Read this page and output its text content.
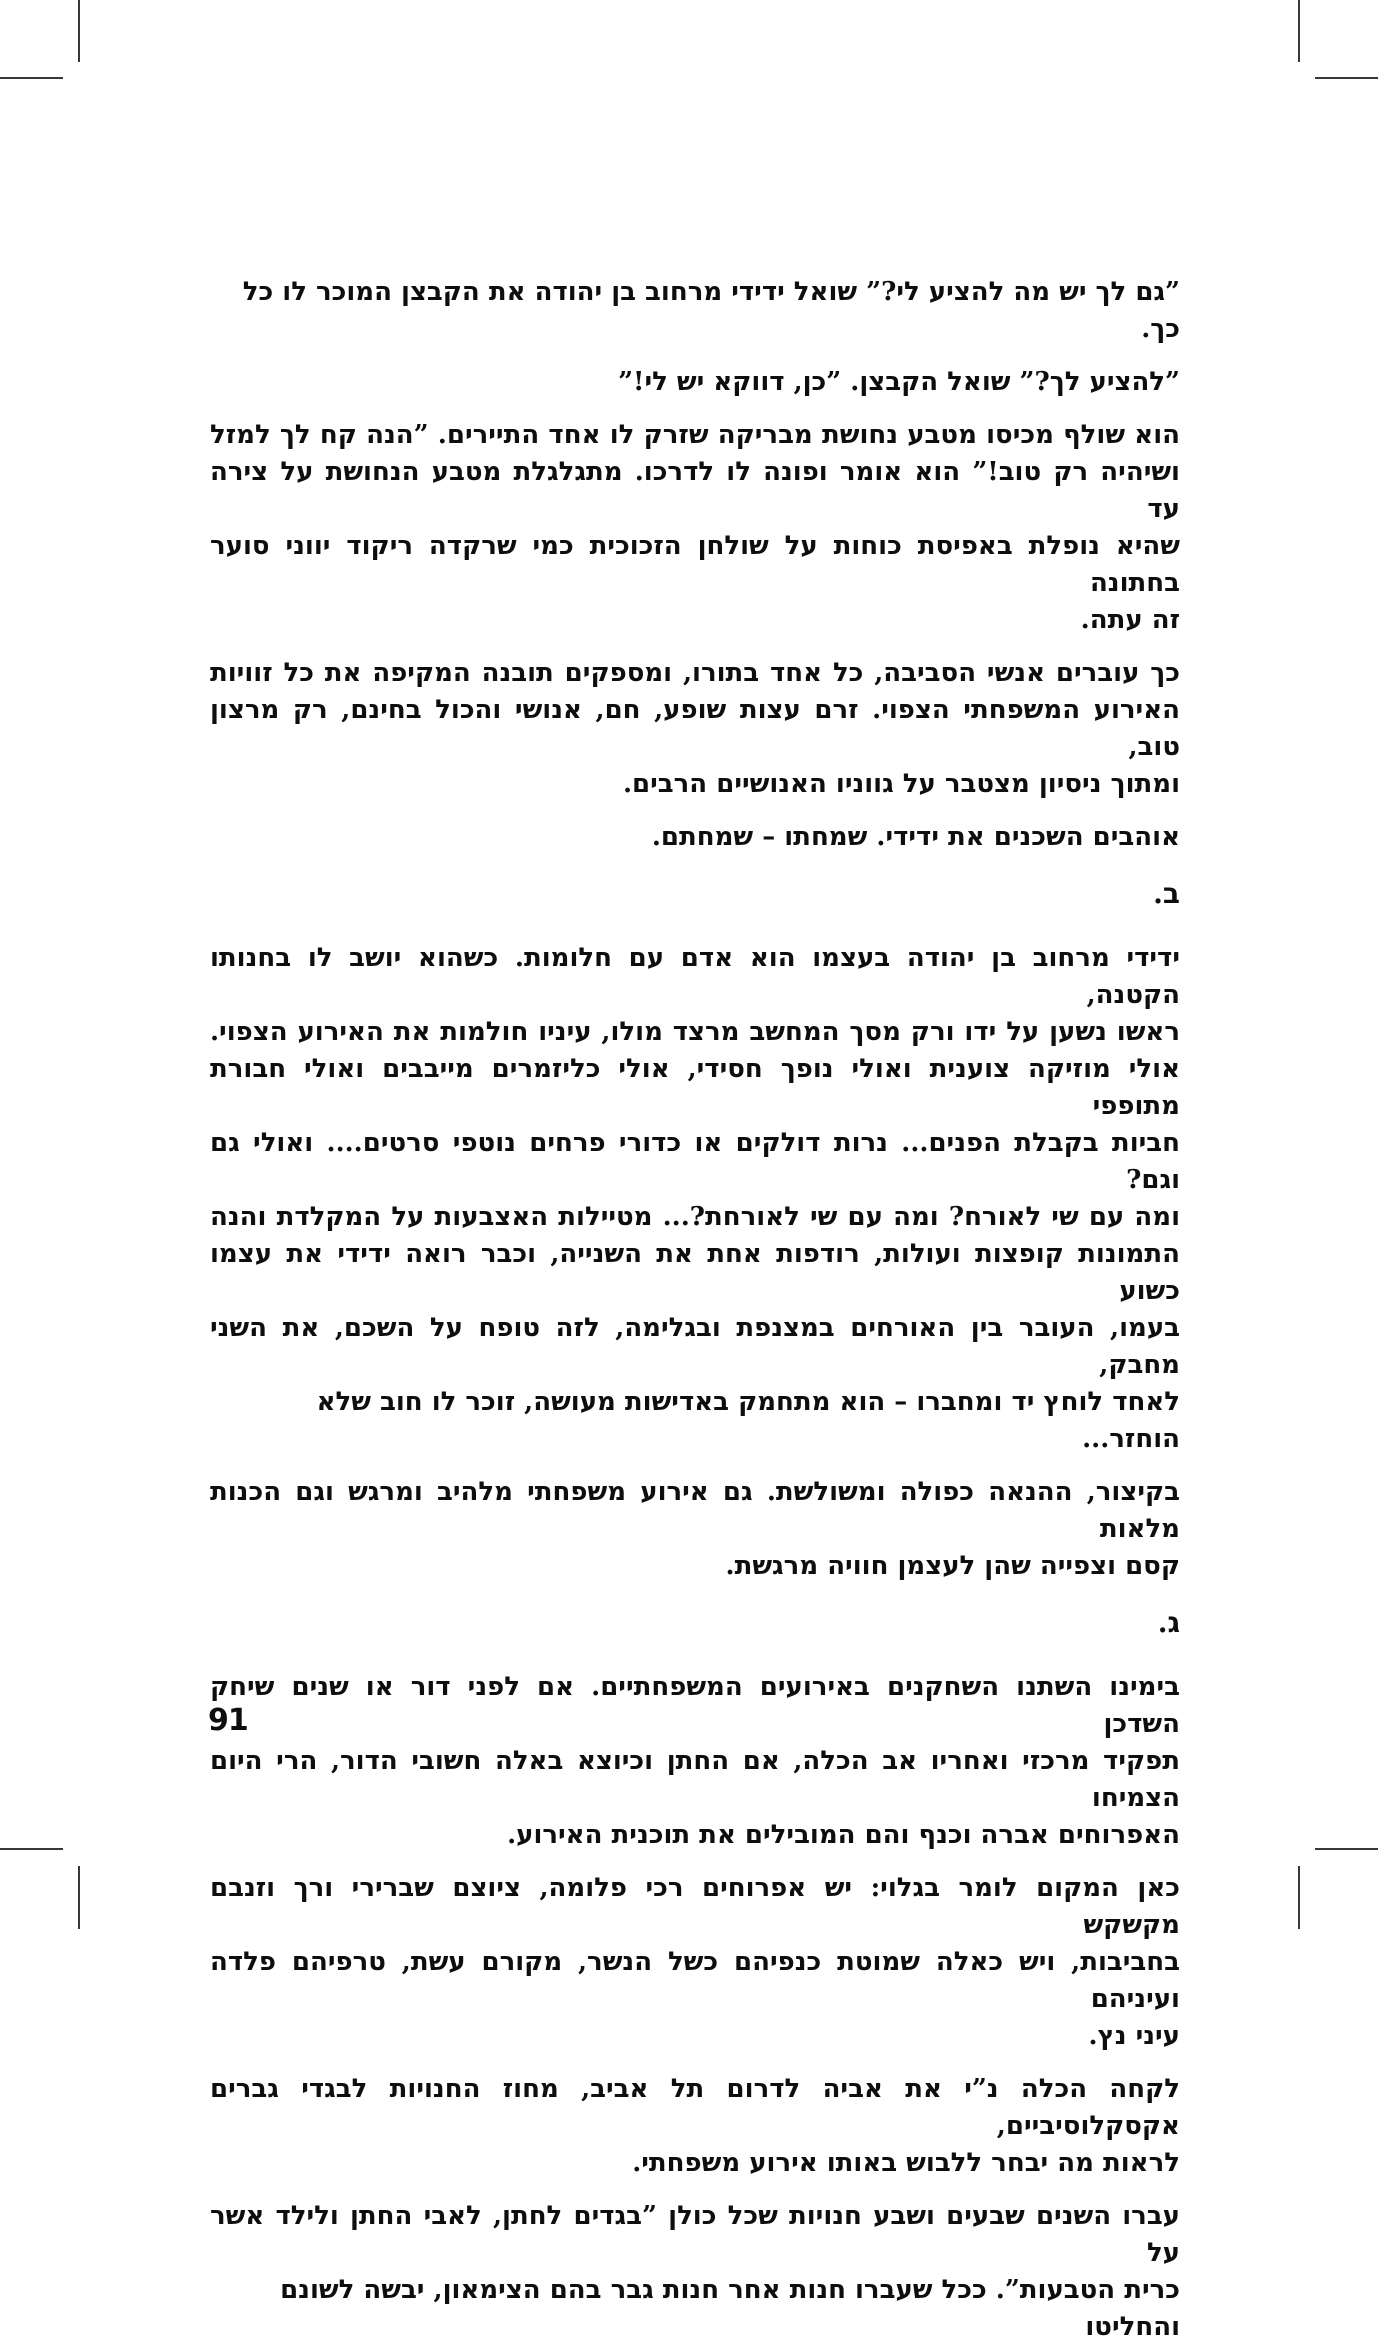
”גם לך יש מה להציע לי?” שואל ידידי מרחוב בן יהודה את הקבצן המוכר לו כל כך.
”להציע לך?” שואל הקבצן. ”כן, דווקא יש לי!”
הוא שולף מכיסו מטבע נחושת מבריקה שזרק לו אחד התיירים. ”הנה קח לך למזל
ושיהיה רק טוב!” הוא אומר ופונה לו לדרכו. מתגלגלת מטבע הנחושת על צירה עד
שהיא נופלת באפיסת כוחות על שולחן הזכוכית כמי שרקדה ריקוד יווני סוער בחתונה
זה עתה.
כך עוברים אנשי הסביבה, כל אחד בתורו, ומספקים תובנה המקיפה את כל זוויות
האירוע המשפחתי הצפוי. זרם עצות שופע, חם, אנושי והכול בחינם, רק מרצון טוב,
ומתוך ניסיון מצטבר על גווניו האנושיים הרבים.
אוהבים השכנים את ידידי. שמחתו – שמחתם.
ב.
ידידי מרחוב בן יהודה בעצמו הוא אדם עם חלומות. כשהוא יושב לו בחנותו הקטנה,
ראשו נשען על ידו ורק מסך המחשב מרצד מולו, עיניו חולמות את האירוע הצפוי.
אולי מוזיקה צוענית ואולי נופך חסידי, אולי כליזמרים מייבבים ואולי חבורת מתופפי
חביות בקבלת הפנים... נרות דולקים או כדורי פרחים נוטפי סרטים.... ואולי גם וגם?
ומה עם שי לאורח? ומה עם שי לאורחת?... מטיילות האצבעות על המקלדת והנה
התמונות קופצות ועולות, רודפות אחת את השנייה, וכבר רואה ידידי את עצמו כשוע
בעמו, העובר בין האורחים במצנפת ובגלימה, לזה טופח על השכם, את השני מחבק,
לאחד לוחץ יד ומחברו – הוא מתחמק באדישות מעושה, זוכר לו חוב שלא הוחזר...
בקיצור, ההנאה כפולה ומשולשת. גם אירוע משפחתי מלהיב ומרגש וגם הכנות מלאות
קסם וצפייה שהן לעצמן חוויה מרגשת.
ג.
בימינו השתנו השחקנים באירועים המשפחתיים. אם לפני דור או שנים שיחק השדכן
תפקיד מרכזי ואחריו אב הכלה, אם החתן וכיוצא באלה חשובי הדור, הרי היום הצמיחו
האפרוחים אברה וכנף והם המובילים את תוכנית האירוע.
כאן המקום לומר בגלוי: יש אפרוחים רכי פלומה, ציוצם שברירי ורך וזנבם מקשקש
בחביבות, ויש כאלה שמוטת כנפיהם כשל הנשר, מקורם עשת, טרפיהם פלדה ועיניהם
עיני נץ.
לקחה הכלה נ”י את אביה לדרום תל אביב, מחוז החנויות לבגדי גברים אקסקלוסיביים,
לראות מה יבחר ללבוש באותו אירוע משפחתי.
עברו השנים שבעים ושבע חנויות שכל כולן ”בגדים לחתן, לאבי החתן ולילד אשר על
כרית הטבעות”. ככל שעברו חנות אחר חנות גבר בהם הצימאון, יבשה לשונם והחליטו
91
